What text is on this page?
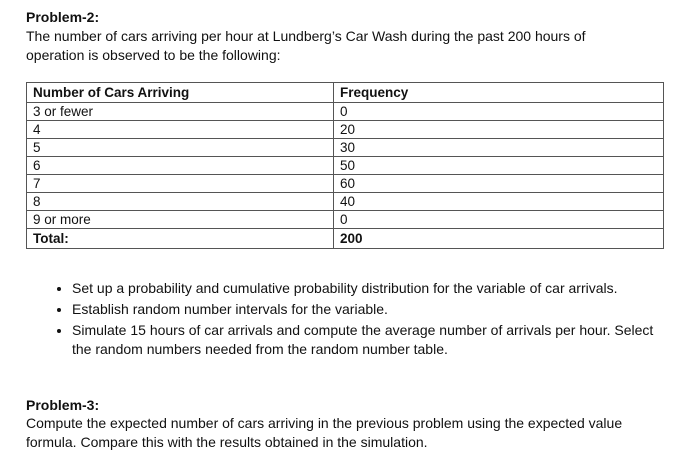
Problem-2:
The number of cars arriving per hour at Lundberg’s Car Wash during the past 200 hours of operation is observed to be the following:
Number of Cars Arriving	Frequency
3 or fewer	0
4	20
5	30
6	50
7	60
8	40
9 or more	0
Total:	200
• Set up a probability and cumulative probability distribution for the variable of car arrivals.
• Establish random number intervals for the variable.
• Simulate 15 hours of car arrivals and compute the average number of arrivals per hour. Select the random numbers needed from the random number table.
Problem-3:
Compute the expected number of cars arriving in the previous problem using the expected value formula. Compare this with the results obtained in the simulation.
